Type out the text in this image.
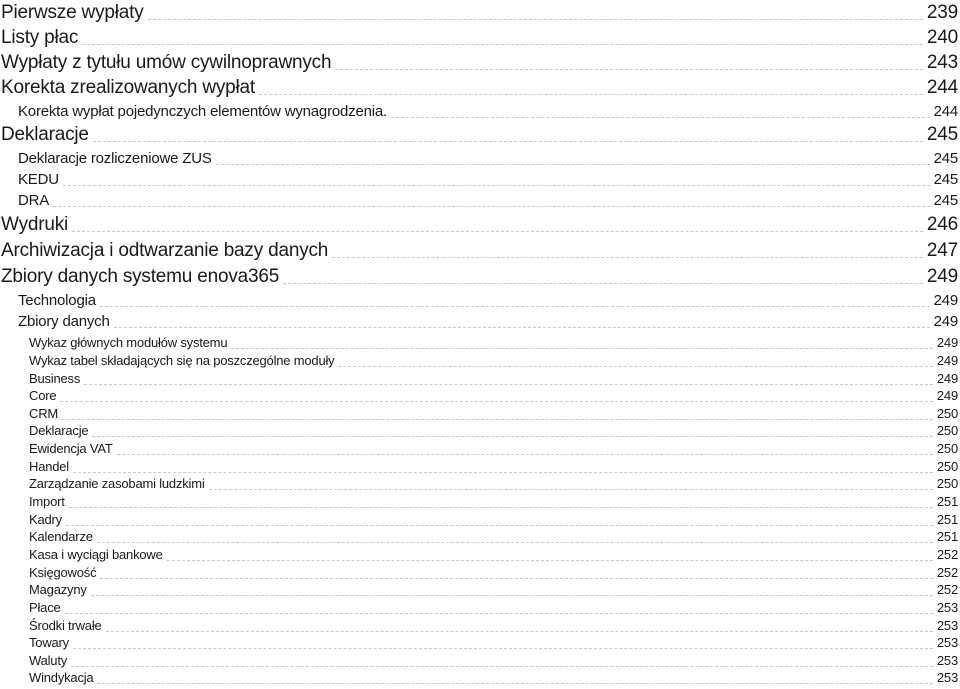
Pierwsze wypłaty	239
Listy płac	240
Wypłaty z tytułu umów cywilnoprawnych	243
Korekta zrealizowanych wypłat	244
Korekta wypłat pojedynczych elementów wynagrodzenia.	244
Deklaracje	245
Deklaracje rozliczeniowe ZUS	245
KEDU	245
DRA	245
Wydruki	246
Archiwizacja i odtwarzanie bazy danych	247
Zbiory danych systemu enova365	249
Technologia	249
Zbiory danych	249
Wykaz głównych modułów systemu	249
Wykaz tabel składających się na poszczególne moduły	249
Business	249
Core	249
CRM	250
Deklaracje	250
Ewidencja VAT	250
Handel	250
Zarządzanie zasobami ludzkimi	250
Import	251
Kadry	251
Kalendarze	251
Kasa i wyciągi bankowe	252
Księgowość	252
Magazyny	252
Płace	253
Środki trwałe	253
Towary	253
Waluty	253
Windykacja	253
